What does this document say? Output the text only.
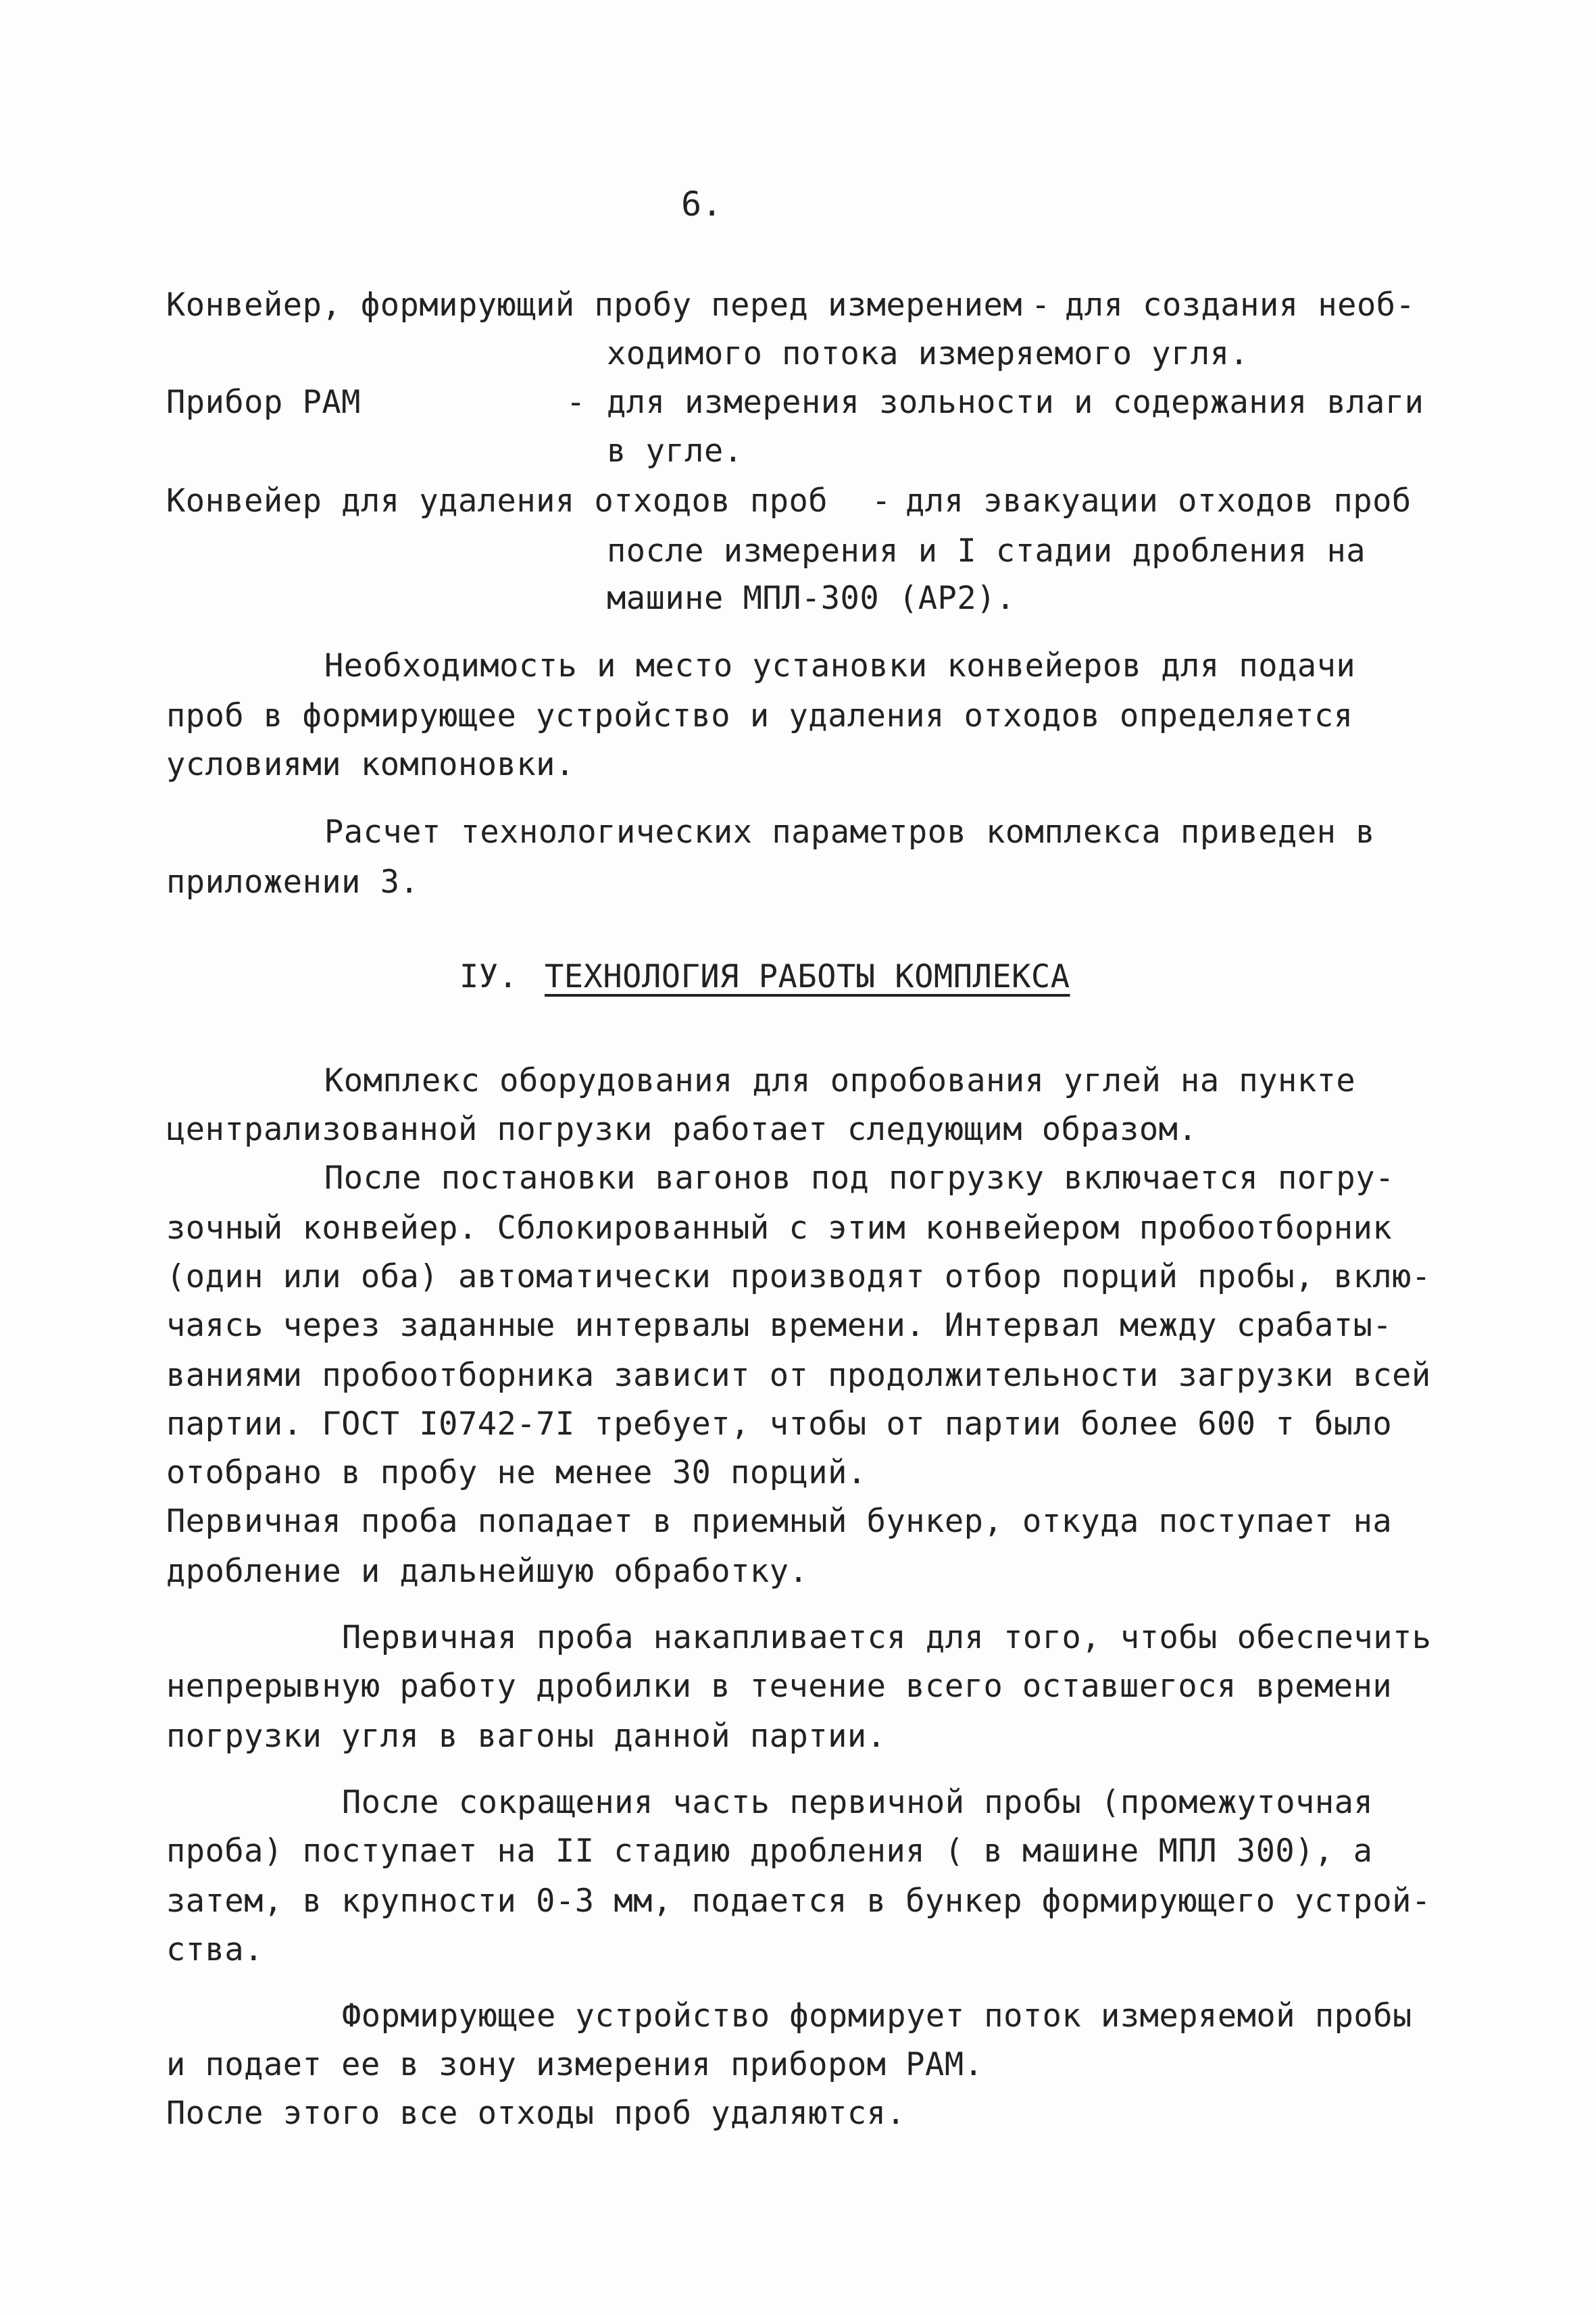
6.
Конвейер, формирующий пробу перед измерением - для создания необ-
ходимого потока измеряемого угля.
Прибор РАМ	- для измерения зольности и содержания влаги
в угле.
Конвейер для удаления отходов проб - для эвакуации отходов проб
после измерения и I стадии дробления на
машине МПЛ-300 (АР2).
Необходимость и место установки конвейеров для подачи
проб в формирующее устройство и удаления отходов определяется
условиями компоновки.
Расчет технологических параметров комплекса приведен в
приложении 3.
IУ. ТЕХНОЛОГИЯ РАБОТЫ КОМПЛЕКСА
Комплекс оборудования для опробования углей на пункте
централизованной погрузки работает следующим образом.
После постановки вагонов под погрузку включается погру-
зочный конвейер. Сблокированный с этим конвейером пробоотборник
(один или оба) автоматически производят отбор порций пробы, вклю-
чаясь через заданные интервалы времени. Интервал между срабаты-
ваниями пробоотборника зависит от продолжительности загрузки всей
партии. ГОСТ I0742-7I требует, чтобы от партии более 600 т было
отобрано в пробу не менее 30 порций.
Первичная проба попадает в приемный бункер, откуда поступает на
дробление и дальнейшую обработку.
Первичная проба накапливается для того, чтобы обеспечить
непрерывную работу дробилки в течение всего оставшегося времени
погрузки угля в вагоны данной партии.
После сокращения часть первичной пробы (промежуточная
проба) поступает на II стадию дробления ( в машине МПЛ 300), а
затем, в крупности 0-3 мм, подается в бункер формирующего устрой-
ства.
Формирующее устройство формирует поток измеряемой пробы
и подает ее в зону измерения прибором РАМ.
После этого все отходы проб удаляются.
